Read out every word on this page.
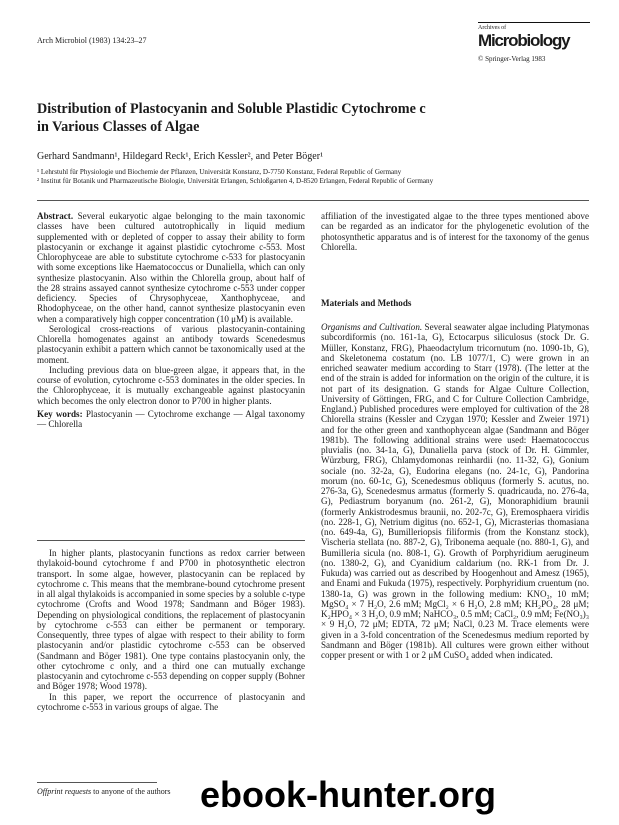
Arch Microbiol (1983) 134:23–27
Archives of
Microbiology
© Springer-Verlag 1983
Distribution of Plastocyanin and Soluble Plastidic Cytochrome c
in Various Classes of Algae
Gerhard Sandmann¹, Hildegard Reck¹, Erich Kessler², and Peter Böger¹
¹ Lehrstuhl für Physiologie und Biochemie der Pflanzen, Universität Konstanz, D-7750 Konstanz, Federal Republic of Germany
² Institut für Botanik und Pharmazeutische Biologie, Universität Erlangen, Schloßgarten 4, D-8520 Erlangen, Federal Republic of Germany

Abstract. Several eukaryotic algae belonging to the main taxonomic classes have been cultured autotrophically in liquid medium supplemented with or depleted of copper to assay their ability to form plastocyanin or exchange it against plastidic cytochrome c-553. Most Chlorophyceae are able to substitute cytochrome c-533 for plastocyanin with some exceptions like Haematococcus or Dunaliella, which can only synthesize plastocyanin. Also within the Chlorella group, about half of the 28 strains assayed cannot synthesize cytochrome c-553 under copper deficiency. Species of Chrysophyceae, Xanthophyceae, and Rhodophyceae, on the other hand, cannot synthesize plastocyanin even when a comparatively high copper concentration (10 μM) is available.

Serological cross-reactions of various plastocyanin-containing Chlorella homogenates against an antibody towards Scenedesmus plastocyanin exhibit a pattern which cannot be taxonomically used at the moment.

Including previous data on blue-green algae, it appears that, in the course of evolution, cytochrome c-553 dominates in the older species. In the Chlorophyceae, it is mutually exchangeable against plastocyanin which becomes the only electron donor to P700 in higher plants.

Key words: Plastocyanin — Cytochrome exchange — Algal taxonomy — Chlorella

In higher plants, plastocyanin functions as redox carrier between thylakoid-bound cytochrome f and P700 in photosynthetic electron transport. In some algae, however, plastocyanin can be replaced by cytochrome c. This means that the membrane-bound cytochrome present in all algal thylakoids is accompanied in some species by a soluble c-type cytochrome (Crofts and Wood 1978; Sandmann and Böger 1983). Depending on physiological conditions, the replacement of plastocyanin by cytochrome c-553 can either be permanent or temporary. Consequently, three types of algae with respect to their ability to form plastocyanin and/or plastidic cytochrome c-553 can be observed (Sandmann and Böger 1981). One type contains plastocyanin only, the other cytochrome c only, and a third one can mutually exchange plastocyanin and cytochrome c-553 depending on copper supply (Bohner and Böger 1978; Wood 1978).

In this paper, we report the occurrence of plastocyanin and cytochrome c-553 in various groups of algae. The

Offprint requests to anyone of the authors

affiliation of the investigated algae to the three types mentioned above can be regarded as an indicator for the phylogenetic evolution of the photosynthetic apparatus and is of interest for the taxonomy of the genus Chlorella.

Materials and Methods

Organisms and Cultivation. Several seawater algae including Platymonas subcordiformis (no. 161-1a, G), Ectocarpus siliculosus (stock Dr. G. Müller, Konstanz, FRG), Phaeodactylum tricornutum (no. 1090-1b, G), and Skeletonema costatum (no. LB 1077/1, C) were grown in an enriched seawater medium according to Starr (1978). (The letter at the end of the strain is added for information on the origin of the culture, it is not part of its designation. G stands for Algae Culture Collection, University of Göttingen, FRG, and C for Culture Collection Cambridge, England.) Published procedures were employed for cultivation of the 28 Chlorella strains (Kessler and Czygan 1970; Kessler and Zweier 1971) and for the other green and xanthophycean algae (Sandmann and Böger 1981b). The following additional strains were used: Haematococcus pluvialis (no. 34-1a, G), Dunaliella parva (stock of Dr. H. Gimmler, Würzburg, FRG), Chlamydomonas reinhardii (no. 11-32, G), Gonium sociale (no. 32-2a, G), Eudorina elegans (no. 24-1c, G), Pandorina morum (no. 60-1c, G), Scenedesmus obliquus (formerly S. acutus, no. 276-3a, G), Scenedesmus armatus (formerly S. quadricauda, no. 276-4a, G), Pediastrum boryanum (no. 261-2, G), Monoraphidium braunii (formerly Ankistrodesmus braunii, no. 202-7c, G), Eremosphaera viridis (no. 228-1, G), Netrium digitus (no. 652-1, G), Micrasterias thomasiana (no. 649-4a, G), Bumilleriopsis filiformis (from the Konstanz stock), Vischeria stellata (no. 887-2, G), Tribonema aequale (no. 880-1, G), and Bumilleria sicula (no. 808-1, G). Growth of Porphyridium aerugineum (no. 1380-2, G), and Cyanidium caldarium (no. RK-1 from Dr. J. Fukuda) was carried out as described by Hoogenhout and Amesz (1965), and Enami and Fukuda (1975), respectively. Porphyridium cruentum (no. 1380-1a, G) was grown in the following medium: KNO₃, 10 mM; MgSO₄ × 7 H₂O, 2.6 mM; MgCl₂ × 6 H₂O, 2.8 mM; KH₂PO₄, 28 μM; K₂HPO₄ × 3 H₂O, 0.9 mM; NaHCO₃, 0.5 mM; CaCl₂, 0.9 mM; Fe(NO₃)₃ × 9 H₂O, 72 μM; EDTA, 72 μM; NaCl, 0.23 M. Trace elements were given in a 3-fold concentration of the Scenedesmus medium reported by Sandmann and Böger (1981b). All cultures were grown either without copper present or with 1 or 2 μM CuSO₄ added when indicated.

ebook-hunter.org
